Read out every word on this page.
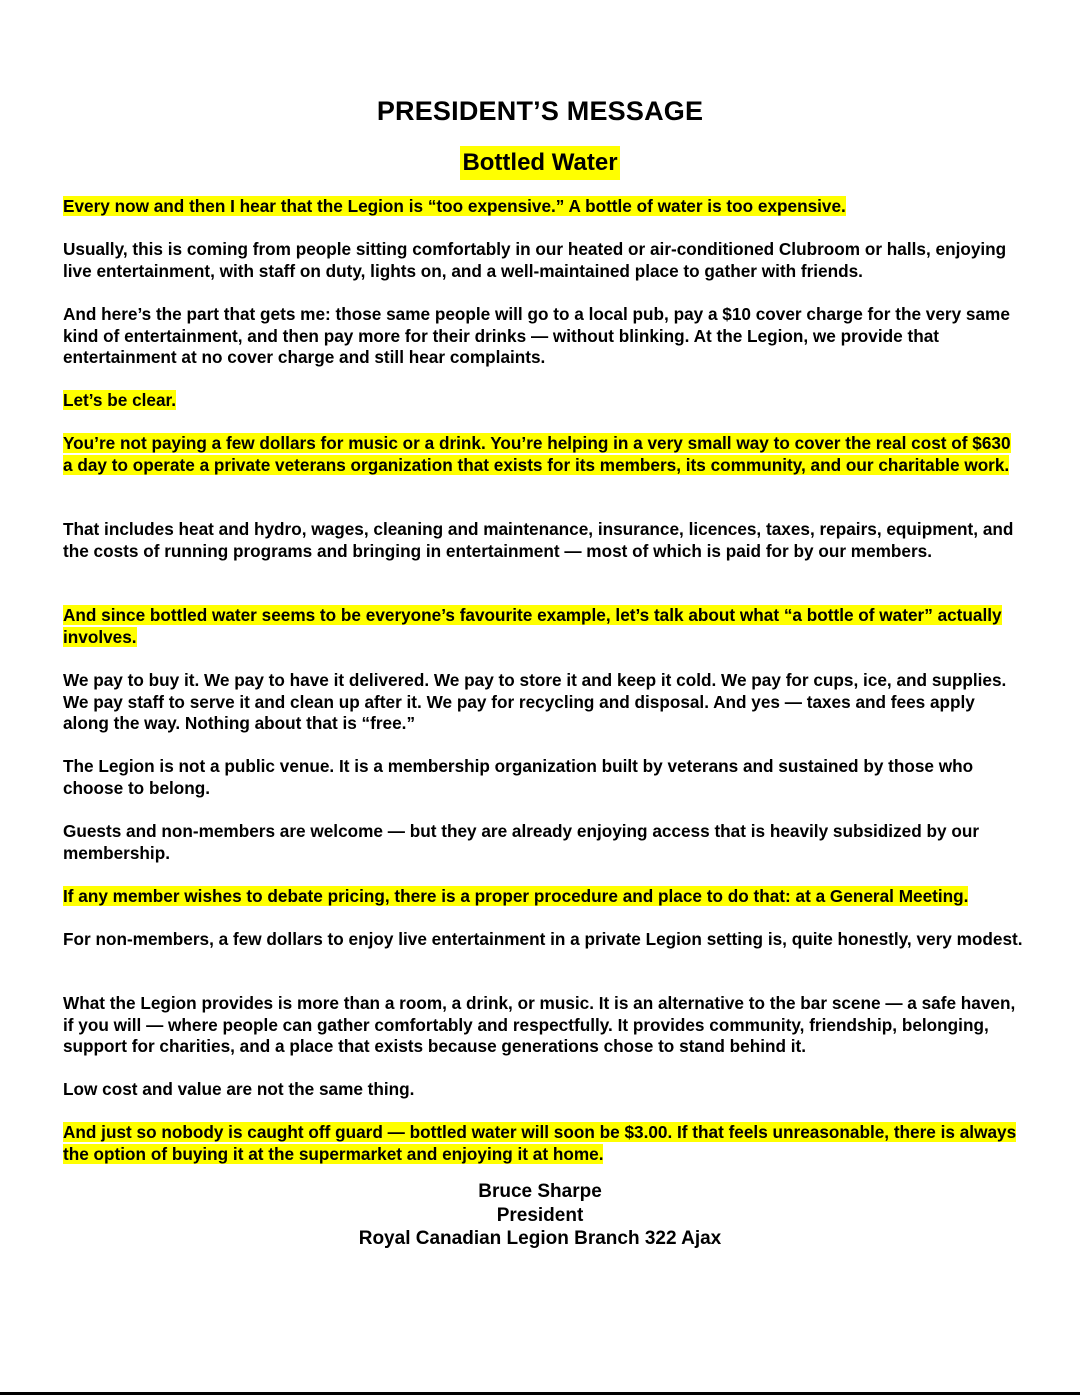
PRESIDENT’S MESSAGE
Bottled Water

Every now and then I hear that the Legion is “too expensive.” A bottle of water is too expensive.

Usually, this is coming from people sitting comfortably in our heated or air-conditioned Clubroom or halls, enjoying live entertainment, with staff on duty, lights on, and a well-maintained place to gather with friends.

And here’s the part that gets me: those same people will go to a local pub, pay a $10 cover charge for the very same kind of entertainment, and then pay more for their drinks — without blinking. At the Legion, we provide that entertainment at no cover charge and still hear complaints.

Let’s be clear.

You’re not paying a few dollars for music or a drink. You’re helping in a very small way to cover the real cost of $630 a day to operate a private veterans organization that exists for its members, its community, and our charitable work.

That includes heat and hydro, wages, cleaning and maintenance, insurance, licences, taxes, repairs, equipment, and the costs of running programs and bringing in entertainment — most of which is paid for by our members.

And since bottled water seems to be everyone’s favourite example, let’s talk about what “a bottle of water” actually involves.

We pay to buy it. We pay to have it delivered. We pay to store it and keep it cold. We pay for cups, ice, and supplies. We pay staff to serve it and clean up after it. We pay for recycling and disposal. And yes — taxes and fees apply along the way. Nothing about that is “free.”

The Legion is not a public venue. It is a membership organization built by veterans and sustained by those who choose to belong.

Guests and non-members are welcome — but they are already enjoying access that is heavily subsidized by our membership.

If any member wishes to debate pricing, there is a proper procedure and place to do that: at a General Meeting.

For non-members, a few dollars to enjoy live entertainment in a private Legion setting is, quite honestly, very modest.

What the Legion provides is more than a room, a drink, or music. It is an alternative to the bar scene — a safe haven, if you will — where people can gather comfortably and respectfully. It provides community, friendship, belonging, support for charities, and a place that exists because generations chose to stand behind it.

Low cost and value are not the same thing.

And just so nobody is caught off guard — bottled water will soon be $3.00. If that feels unreasonable, there is always the option of buying it at the supermarket and enjoying it at home.

Bruce Sharpe
President
Royal Canadian Legion Branch 322 Ajax
